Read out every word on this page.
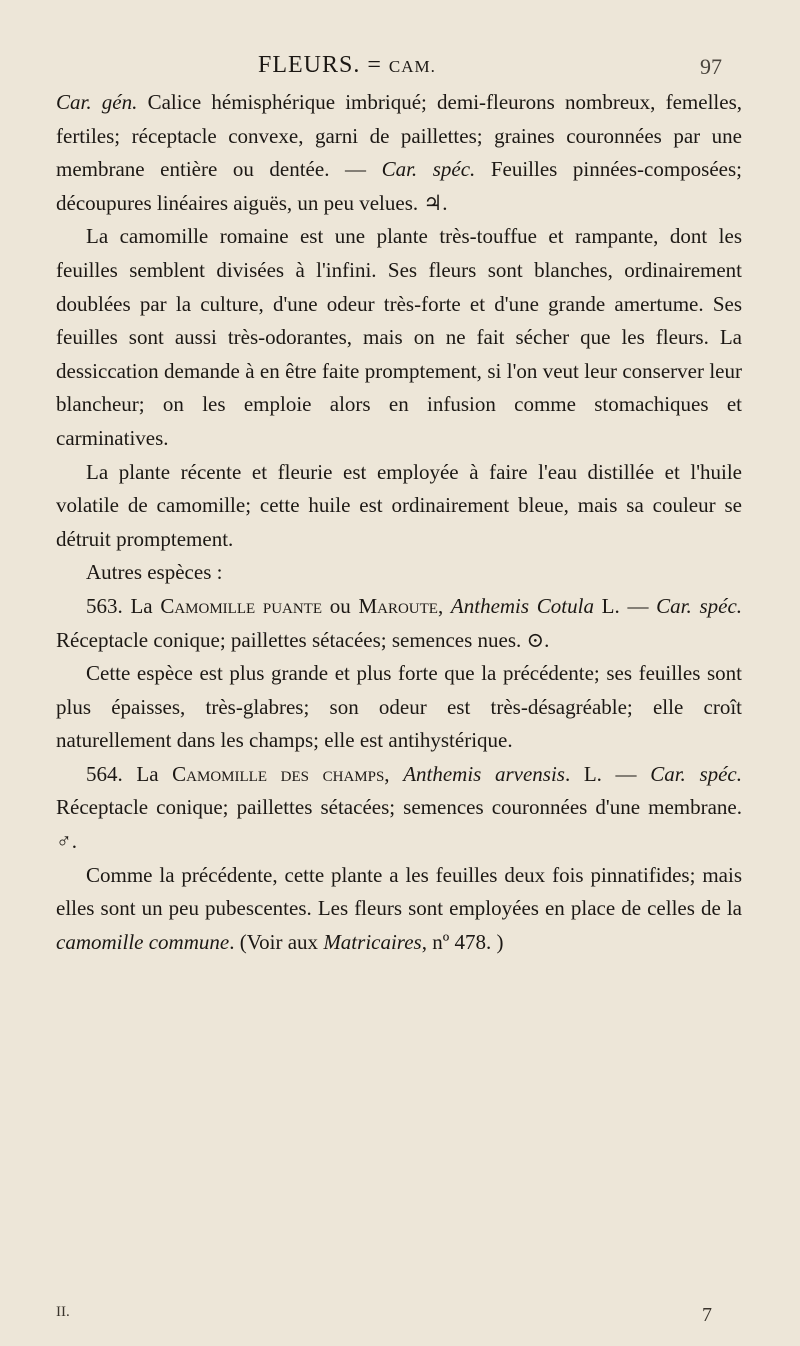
FLEURS. = CAM.	97

Car. gén. Calice hémisphérique imbriqué; demi-fleurons nombreux, femelles, fertiles; réceptacle convexe, garni de paillettes; graines couronnées par une membrane entière ou dentée. — Car. spéc. Feuilles pinnées-composées; découpures linéaires aiguës, un peu velues. ♃.

La camomille romaine est une plante très-touffue et rampante, dont les feuilles semblent divisées à l'infini. Ses fleurs sont blanches, ordinairement doublées par la culture, d'une odeur très-forte et d'une grande amertume. Ses feuilles sont aussi très-odorantes, mais on ne fait sécher que les fleurs. La dessiccation demande à en être faite promptement, si l'on veut leur conserver leur blancheur; on les emploie alors en infusion comme stomachiques et carminatives.

La plante récente et fleurie est employée à faire l'eau distillée et l'huile volatile de camomille; cette huile est ordinairement bleue, mais sa couleur se détruit promptement.

Autres espèces :

563. La Camomille puante ou Maroute, Anthemis Cotula L. — Car. spéc. Réceptacle conique; paillettes sétacées; semences nues. ⊙.

Cette espèce est plus grande et plus forte que la précédente; ses feuilles sont plus épaisses, très-glabres; son odeur est très-désagréable; elle croît naturellement dans les champs; elle est antihystérique.

564. La Camomille des champs, Anthemis arvensis. L. — Car. spéc. Réceptacle conique; paillettes sétacées; semences couronnées d'une membrane. ♂.

Comme la précédente, cette plante a les feuilles deux fois pinnatifides; mais elles sont un peu pubescentes. Les fleurs sont employées en place de celles de la camomille commune. (Voir aux Matricaires, nº 478. )

II.	7
